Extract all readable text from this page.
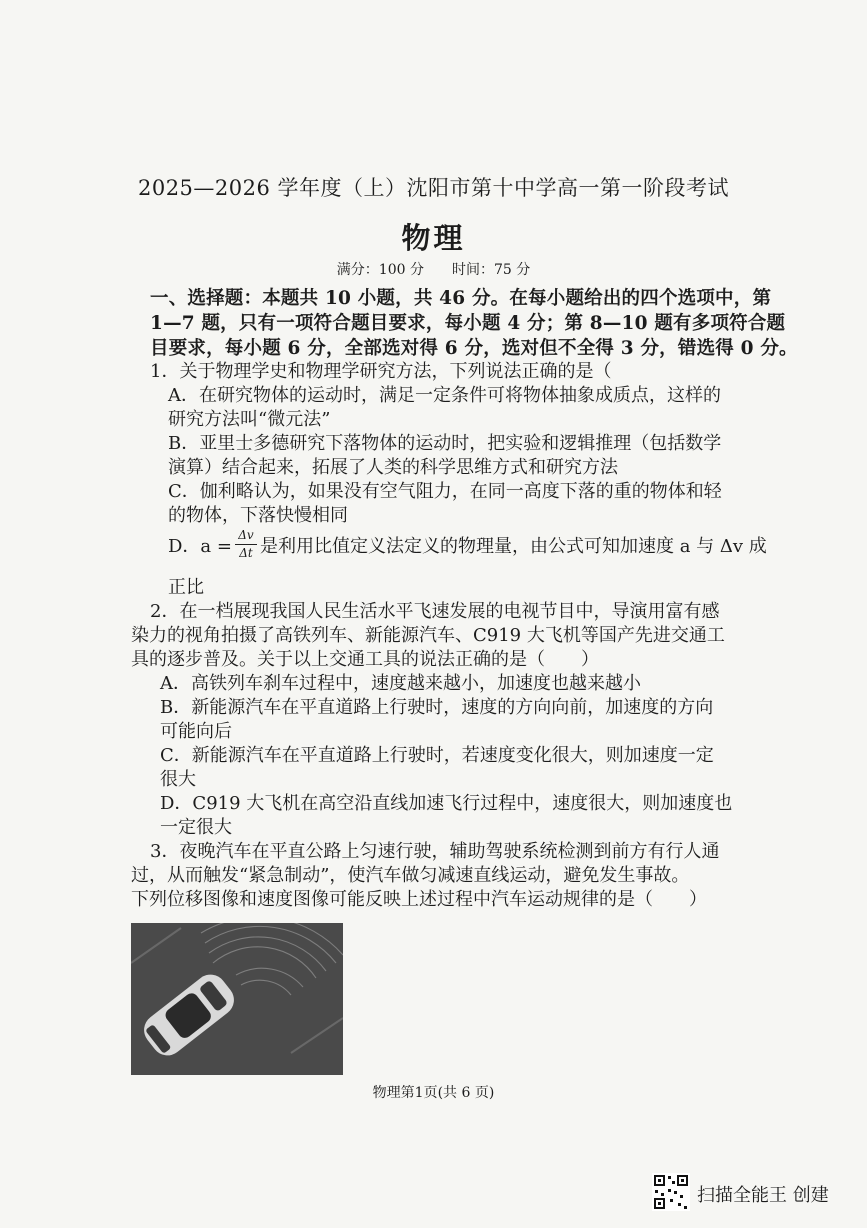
2025—2026 学年度（上）沈阳市第十中学高一第一阶段考试
物理
满分：100 分　　时间：75 分
一、选择题：本题共 10 小题，共 46 分。在每小题给出的四个选项中，第
1—7 题，只有一项符合题目要求，每小题 4 分；第 8—10 题有多项符合题
目要求，每小题 6 分，全部选对得 6 分，选对但不全得 3 分，错选得 0 分。
1．关于物理学史和物理学研究方法，下列说法正确的是（
A．在研究物体的运动时，满足一定条件可将物体抽象成质点，这样的
研究方法叫“微元法”
B．亚里士多德研究下落物体的运动时，把实验和逻辑推理（包括数学
演算）结合起来，拓展了人类的科学思维方式和研究方法
C．伽利略认为，如果没有空气阻力，在同一高度下落的重的物体和轻
的物体，下落快慢相同
D．$a = \frac{\Delta v}{\Delta t}$ 是利用比值定义法定义的物理量，由公式可知加速度 a 与 Δv 成
正比
2．在一档展现我国人民生活水平飞速发展的电视节目中，导演用富有感
染力的视角拍摄了高铁列车、新能源汽车、C919 大飞机等国产先进交通工
具的逐步普及。关于以上交通工具的说法正确的是（　　）
A．高铁列车刹车过程中，速度越来越小，加速度也越来越小
B．新能源汽车在平直道路上行驶时，速度的方向向前，加速度的方向
可能向后
C．新能源汽车在平直道路上行驶时，若速度变化很大，则加速度一定
很大
D．C919 大飞机在高空沿直线加速飞行过程中，速度很大，则加速度也
一定很大
3．夜晚汽车在平直公路上匀速行驶，辅助驾驶系统检测到前方有行人通
过，从而触发“紧急制动”，使汽车做匀减速直线运动，避免发生事故。
下列位移图像和速度图像可能反映上述过程中汽车运动规律的是（　　）
物理第1页(共 6 页)
扫描全能王 创建
